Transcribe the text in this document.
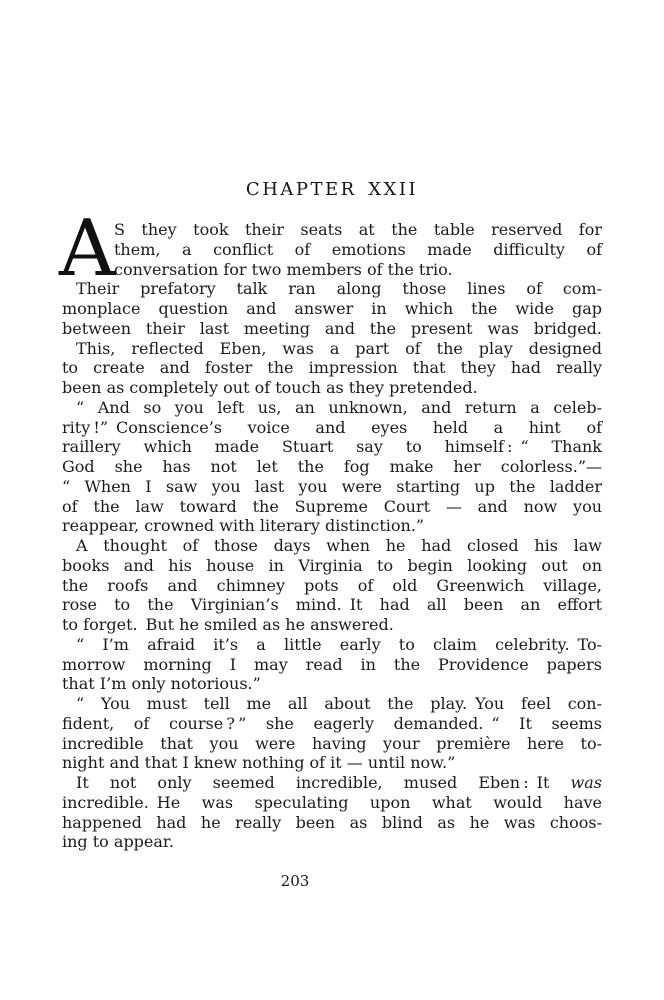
CHAPTER XXII
A
S they took their seats at the table reserved for
them, a conflict of emotions made difficulty of
conversation for two members of the trio.
Their prefatory talk ran along those lines of com-
monplace question and answer in which the wide gap
between their last meeting and the present was bridged.
This, reflected Eben, was a part of the play designed
to create and foster the impression that they had really
been as completely out of touch as they pretended.
“ And so you left us, an unknown, and return a celeb-
rity !” Conscience’s voice and eyes held a hint of
raillery which made Stuart say to himself : “ Thank
God she has not let the fog make her colorless.”—
“ When I saw you last you were starting up the ladder
of the law toward the Supreme Court — and now you
reappear, crowned with literary distinction.”
A thought of those days when he had closed his law
books and his house in Virginia to begin looking out on
the roofs and chimney pots of old Greenwich village,
rose to the Virginian’s mind. It had all been an effort
to forget. But he smiled as he answered.
“ I’m afraid it’s a little early to claim celebrity. To-
morrow morning I may read in the Providence papers
that I’m only notorious.”
“ You must tell me all about the play. You feel con-
fident, of course ? ” she eagerly demanded. “ It seems
incredible that you were having your première here to-
night and that I knew nothing of it — until now.”
It not only seemed incredible, mused Eben : It was
incredible. He was speculating upon what would have
happened had he really been as blind as he was choos-
ing to appear.
203
